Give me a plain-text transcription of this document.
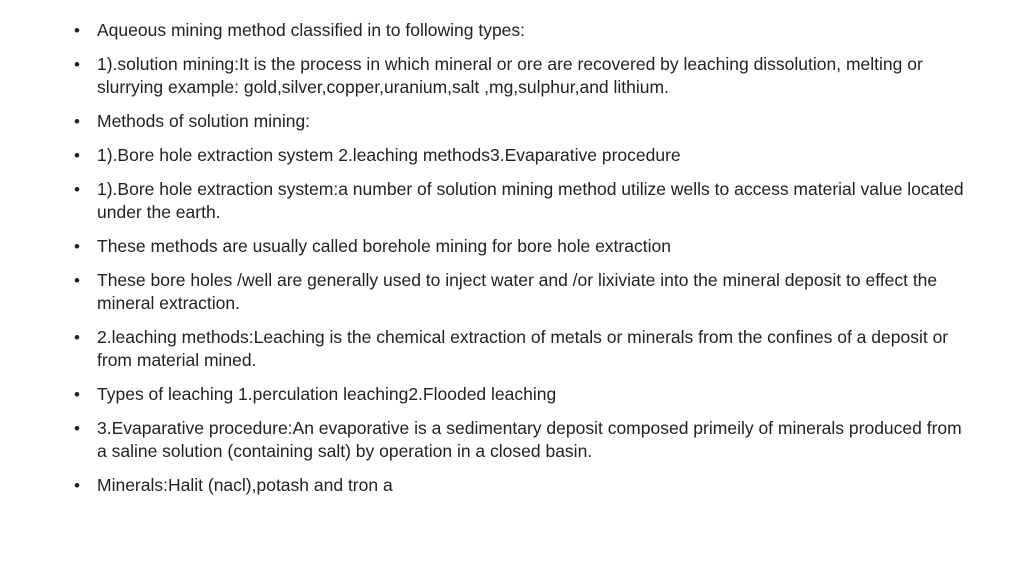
• Aqueous mining method classified in to following types:
• 1).solution mining:It is the process in which mineral or ore are recovered by leaching dissolution, melting or slurrying example: gold,silver,copper,uranium,salt ,mg,sulphur,and lithium.
• Methods of solution mining:
• 1).Bore hole extraction system 2.leaching methods3.Evaparative procedure
• 1).Bore hole extraction system:a number of solution mining method utilize wells to access material value located under the earth.
• These methods are usually called borehole mining for bore hole extraction
• These bore holes /well are generally used to inject water and /or lixiviate into the mineral deposit to effect the mineral extraction.
• 2.leaching methods:Leaching is the chemical extraction of metals or minerals from the confines of a deposit or from material mined.
• Types of leaching 1.perculation leaching2.Flooded leaching
• 3.Evaparative procedure:An evaporative is a sedimentary deposit composed primeily of minerals produced from a saline solution (containing salt) by operation in a closed basin.
• Minerals:Halit (nacl),potash and tron a
